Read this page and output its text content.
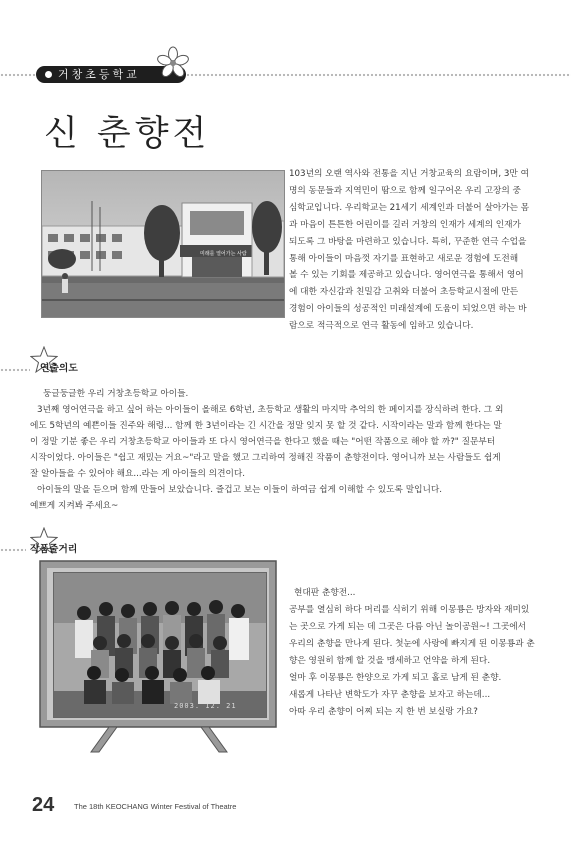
거창초등학교
신 춘향전
미래를 열어가는 사람
103년의 오랜 역사와 전통을 지닌 거창교육의 요람이며, 3만 여
명의 동문들과 지역민이 땀으로 함께 일구어온 우리 고장의 중
심학교입니다. 우리학교는 21세기 세계인과 더불어 살아가는 몸
과 마음이 튼튼한 어린이를 길러 거창의 인재가 세계의 인재가
되도록 그 바탕을 마련하고 있습니다. 특히, 꾸준한 연극 수업을
통해 아이들이 마음껏 자기를 표현하고 새로운 경험에 도전해
볼 수 있는 기회를 제공하고 있습니다. 영어연극을 통해서 영어
에 대한 자신감과 친밀감 고취와 더불어 초등학교시절에 만든
경험이 아이들의 성공적인 미래설계에 도움이 되었으면 하는 바
람으로 적극적으로 연극 활동에 임하고 있습니다.
연출의도
둥글둥글한 우리 거창초등학교 아이들.
3년째 영어연극을 하고 싶어 하는 아이들이 올해로 6학년, 초등학교 생활의 마지막 추억의 한 페이지를 장식하려 한다. 그 외
에도 5학년의 예쁜이들 진주와 해령... 함께 한 3년이라는 긴 시간을 정말 잊지 못 할 것 같다. 시작이라는 말과 함께 한다는 말
이 정말 기분 좋은 우리 거창초등학교 아이들과 또 다시 영어연극을 한다고 했을 때는 "어떤 작품으로 해야 할 까?" 질문부터
시작이었다. 아이들은 "쉽고 재밌는 거요~"라고 말을 했고 그리하여 정해진 작품이 춘향전이다. 영어니까 보는 사람들도 쉽게
잘 알아들을 수 있어야 해요...라는 게 아이들의 의견이다.
아이들의 말을 듣으며 함께 만들어 보았습니다. 즐겁고 보는 이들이 하여금 쉽게 이해할 수 있도록 말입니다.
예쁘게 지켜봐 주세요~
작품줄거리
2003. 12. 21
현대판 춘향전...
공부를 열심히 하다 머리를 식히기 위해 이몽룡은 방자와 재미있
는 곳으로 가게 되는 데 그곳은 다름 아닌 놀이공원~! 그곳에서
우리의 춘향을 만나게 된다. 첫눈에 사랑에 빠지게 된 이몽룡과 춘
향은 영원히 함께 할 것을 맹세하고 언약을 하게 된다.
얼마 후 이몽룡은 한양으로 가게 되고 홀로 남게 된 춘향.
새롭게 나타난 변학도가 자꾸 춘향을 보자고 하는데...
아따 우리 춘향이 어찌 되는 지 한 번 보실랑 가요?
24	The 18th KEOCHANG Winter Festival of Theatre
